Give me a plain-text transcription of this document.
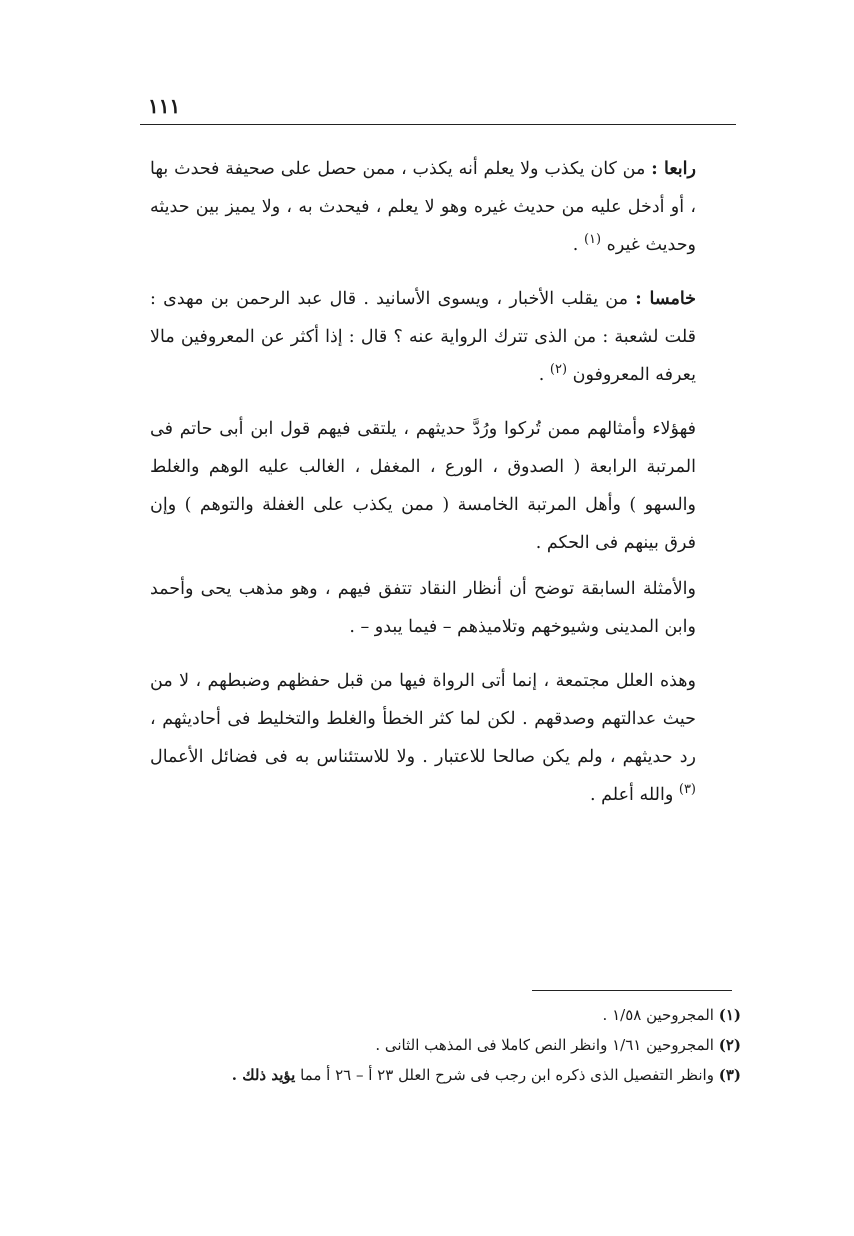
١١١

رابعا : من كان يكذب ولا يعلم أنه يكذب ، ممن حصل على صحيفة فحدث بها ، أو أدخل عليه من حديث غيره وهو لا يعلم ، فيحدث به ، ولا يميز بين حديثه وحديث غيره $^{(١)}$ .

خامسا : من يقلب الأخبار ، ويسوى الأسانيد . قال عبد الرحمن بن مهدى : قلت لشعبة : من الذى تترك الرواية عنه ؟ قال : إذا أكثر عن المعروفين مالا يعرفه المعروفون $^{(٢)}$ .

فهؤلاء وأمثالهم ممن تُركوا ورُدَّ حديثهم ، يلتقى فيهم قول ابن أبى حاتم فى المرتبة الرابعة ( الصدوق ، الورع ، المغفل ، الغالب عليه الوهم والغلط والسهو ) وأهل المرتبة الخامسة ( ممن يكذب على الغفلة والتوهم ) وإن فرق بينهم فى الحكم .

والأمثلة السابقة توضح أن أنظار النقاد تتفق فيهم ، وهو مذهب يحى وأحمد وابن المدينى وشيوخهم وتلاميذهم – فيما يبدو – .

وهذه العلل مجتمعة ، إنما أتى الرواة فيها من قبل حفظهم وضبطهم ، لا من حيث عدالتهم وصدقهم . لكن لما كثر الخطأ والغلط والتخليط فى أحاديثهم ، رد حديثهم ، ولم يكن صالحا للاعتبار . ولا للاستئناس به فى فضائل الأعمال $^{(٣)}$ والله أعلم .

(١) المجروحين ١/٥٨ .

(٢) المجروحين ١/٦١ وانظر النص كاملا فى المذهب الثانى .

(٣) وانظر التفصيل الذى ذكره ابن رجب فى شرح العلل ٢٣ أ – ٢٦ أ مما يؤيد ذلك .
